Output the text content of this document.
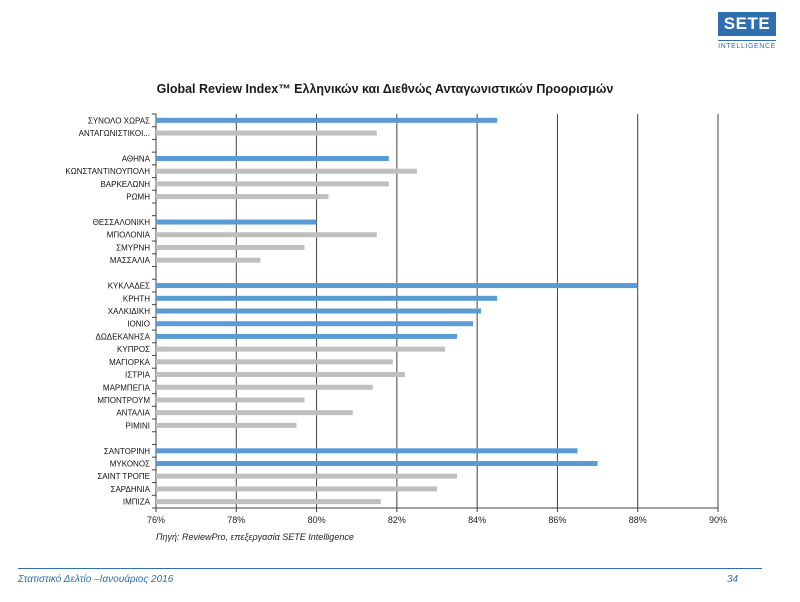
SETE
INTELLIGENCE
Global Review Index™ Ελληνικών και Διεθνώς Ανταγωνιστικών Προορισμών
76%	78%	80%	82%	84%	86%	88%	90%
ΣΥΝΟΛΟ ΧΩΡΑΣ
ΑΝΤΑΓΩΝΙΣΤΙΚΟΙ...
ΑΘΗΝΑ
ΚΩΝΣΤΑΝΤΙΝΟΥΠΟΛΗ
ΒΑΡΚΕΛΩΝΗ
ΡΩΜΗ
ΘΕΣΣΑΛΟΝΙΚΗ
ΜΠΟΛΟΝΙΑ
ΣΜΥΡΝΗ
ΜΑΣΣΑΛΙΑ
ΚΥΚΛΑΔΕΣ
ΚΡΗΤΗ
ΧΑΛΚΙΔΙΚΗ
ΙΟΝΙΟ
ΔΩΔΕΚΑΝΗΣΑ
ΚΥΠΡΟΣ
ΜΑΓΙΟΡΚΑ
ΙΣΤΡΙΑ
ΜΑΡΜΠΕΓΙΑ
ΜΠΟΝΤΡΟΥΜ
ΑΝΤΑΛΙΑ
ΡΙΜΙΝΙ
ΣΑΝΤΟΡΙΝΗ
ΜΥΚΟΝΟΣ
ΣΑΙΝΤ ΤΡΟΠΕ
ΣΑΡΔΗΝΙΑ
ΙΜΠΙΖΑ
Πηγή: ReviewPro, επεξεργασία SETE Intelligence
Στατιστικό Δελτίο –Ιανουάριος 2016	34
